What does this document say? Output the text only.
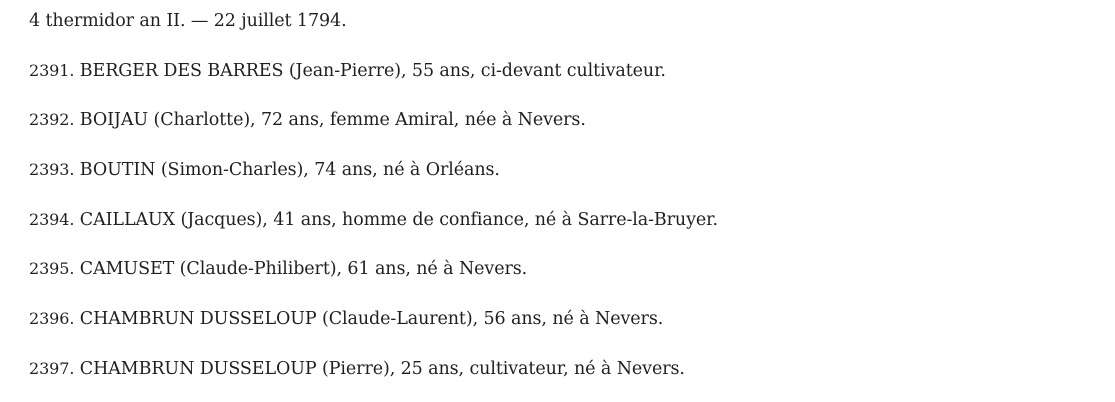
4 thermidor an II. — 22 juillet 1794.
2391. BERGER DES BARRES (Jean-Pierre), 55 ans, ci-devant cultivateur.
2392. BOIJAU (Charlotte), 72 ans, femme Amiral, née à Nevers.
2393. BOUTIN (Simon-Charles), 74 ans, né à Orléans.
2394. CAILLAUX (Jacques), 41 ans, homme de confiance, né à Sarre-la-Bruyer.
2395. CAMUSET (Claude-Philibert), 61 ans, né à Nevers.
2396. CHAMBRUN DUSSELOUP (Claude-Laurent), 56 ans, né à Nevers.
2397. CHAMBRUN DUSSELOUP (Pierre), 25 ans, cultivateur, né à Nevers.
